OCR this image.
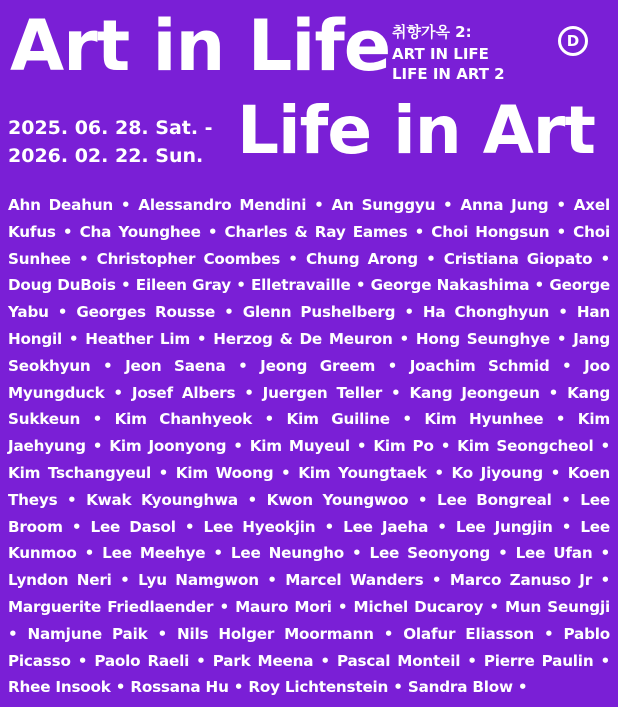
Art in Life 취향가옥 2:
ART IN LIFE
LIFE IN ART 2
D
2025. 06. 28. Sat. -
2026. 02. 22. Sun. Life in Art
Ahn Deahun • Alessandro Mendini • An Sunggyu • Anna Jung • Axel Kufus • Cha Younghee • Charles & Ray Eames • Choi Hongsun • Choi Sunhee • Christopher Coombes • Chung Arong • Cristiana Giopato • Doug DuBois • Eileen Gray • Elletravaille • George Nakashima • George Yabu • Georges Rousse • Glenn Pushelberg • Ha Chonghyun • Han Hongil • Heather Lim • Herzog & De Meuron • Hong Seunghye • Jang Seokhyun • Jeon Saena • Jeong Greem • Joachim Schmid • Joo Myungduck • Josef Albers • Juergen Teller • Kang Jeongeun • Kang Sukkeun • Kim Chanhyeok • Kim Guiline • Kim Hyunhee • Kim Jaehyung • Kim Joonyong • Kim Muyeul • Kim Po • Kim Seongcheol • Kim Tschangyeul • Kim Woong • Kim Youngtaek • Ko Jiyoung • Koen Theys • Kwak Kyounghwa • Kwon Youngwoo • Lee Bongreal • Lee Broom • Lee Dasol • Lee Hyeokjin • Lee Jaeha • Lee Jungjin • Lee Kunmoo • Lee Meehye • Lee Neungho • Lee Seonyong • Lee Ufan • Lyndon Neri • Lyu Namgwon • Marcel Wanders • Marco Zanuso Jr • Marguerite Friedlaender • Mauro Mori • Michel Ducaroy • Mun Seungji • Namjune Paik • Nils Holger Moormann • Olafur Eliasson • Pablo Picasso • Paolo Raeli • Park Meena • Pascal Monteil • Pierre Paulin • Rhee Insook • Rossana Hu • Roy Lichtenstein • Sandra Blow •
